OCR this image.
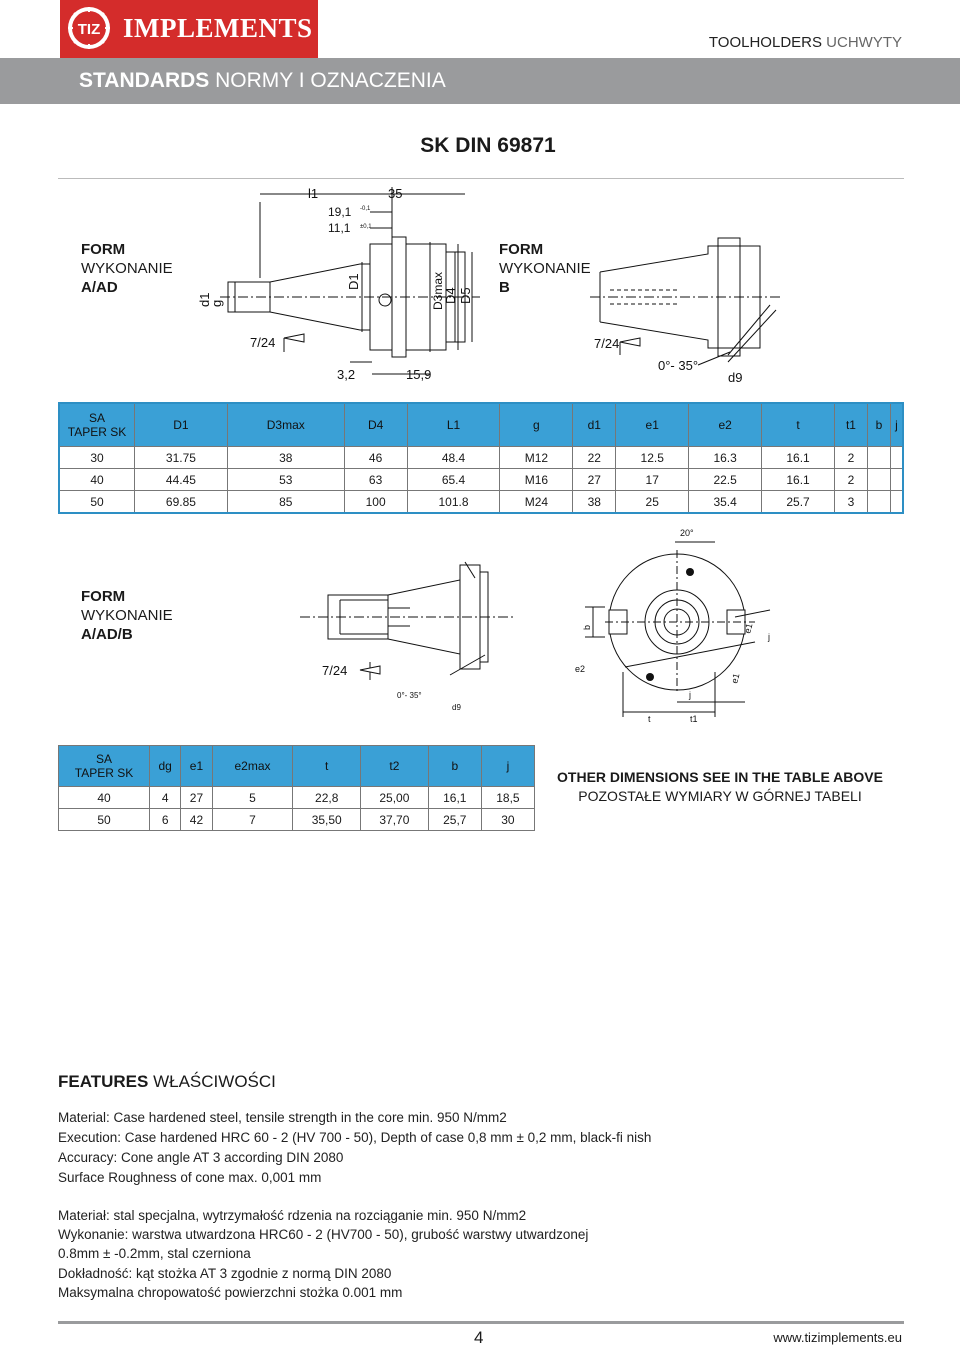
TIZ IMPLEMENTS	TOOLHOLDERS UCHWYTY
STANDARDS NORMY I OZNACZENIA
SK DIN 69871
FORM
WYKONANIE
A/AD
FORM
WYKONANIE
B
FORM
WYKONANIE
A/AD/B
l1	35
19,1 -0,1
11,1 ±0,1
d1
g
D1	D3max
D4 D5
7/24
3,2	15,9
7/24
0°- 35°
d9
SA
TAPER SK	D1	D3max	D4	L1	g	d1	e1	e2	t	t1	b	j
30	31.75	38	46	48.4	M12	22	12.5	16.3	16.1	2		
40	44.45	53	63	65.4	M16	27	17	22.5	16.1	2		
50	69.85	85	100	101.8	M24	38	25	35.4	25.7	3		
7/24
0°- 35°
d9
20°
b	e1
j
e2
e1
j
t	t1
SA
TAPER SK	dg	e1	e2max	t	t2	b	j
40	4	27	5	22,8	25,00	16,1	18,5
50	6	42	7	35,50	37,70	25,7	30
OTHER DIMENSIONS SEE IN THE TABLE ABOVE
POZOSTAŁE WYMIARY W GÓRNEJ TABELI
FEATURES WŁAŚCIWOŚCI
Material: Case hardened steel, tensile strength in the core min. 950 N/mm2
Execution: Case hardened HRC 60 - 2 (HV 700 - 50), Depth of case 0,8 mm ± 0,2 mm, black-fi nish
Accuracy: Cone angle AT 3 according DIN 2080
Surface Roughness of cone max. 0,001 mm
Materiał: stal specjalna, wytrzymałość rdzenia na rozciąganie min. 950 N/mm2
Wykonanie: warstwa utwardzona HRC60 - 2 (HV700 - 50), grubość warstwy utwardzonej
0.8mm ± -0.2mm, stal czerniona
Dokładność: kąt stożka AT 3 zgodnie z normą DIN 2080
Maksymalna chropowatość powierzchni stożka 0.001 mm
4	www.tizimplements.eu
